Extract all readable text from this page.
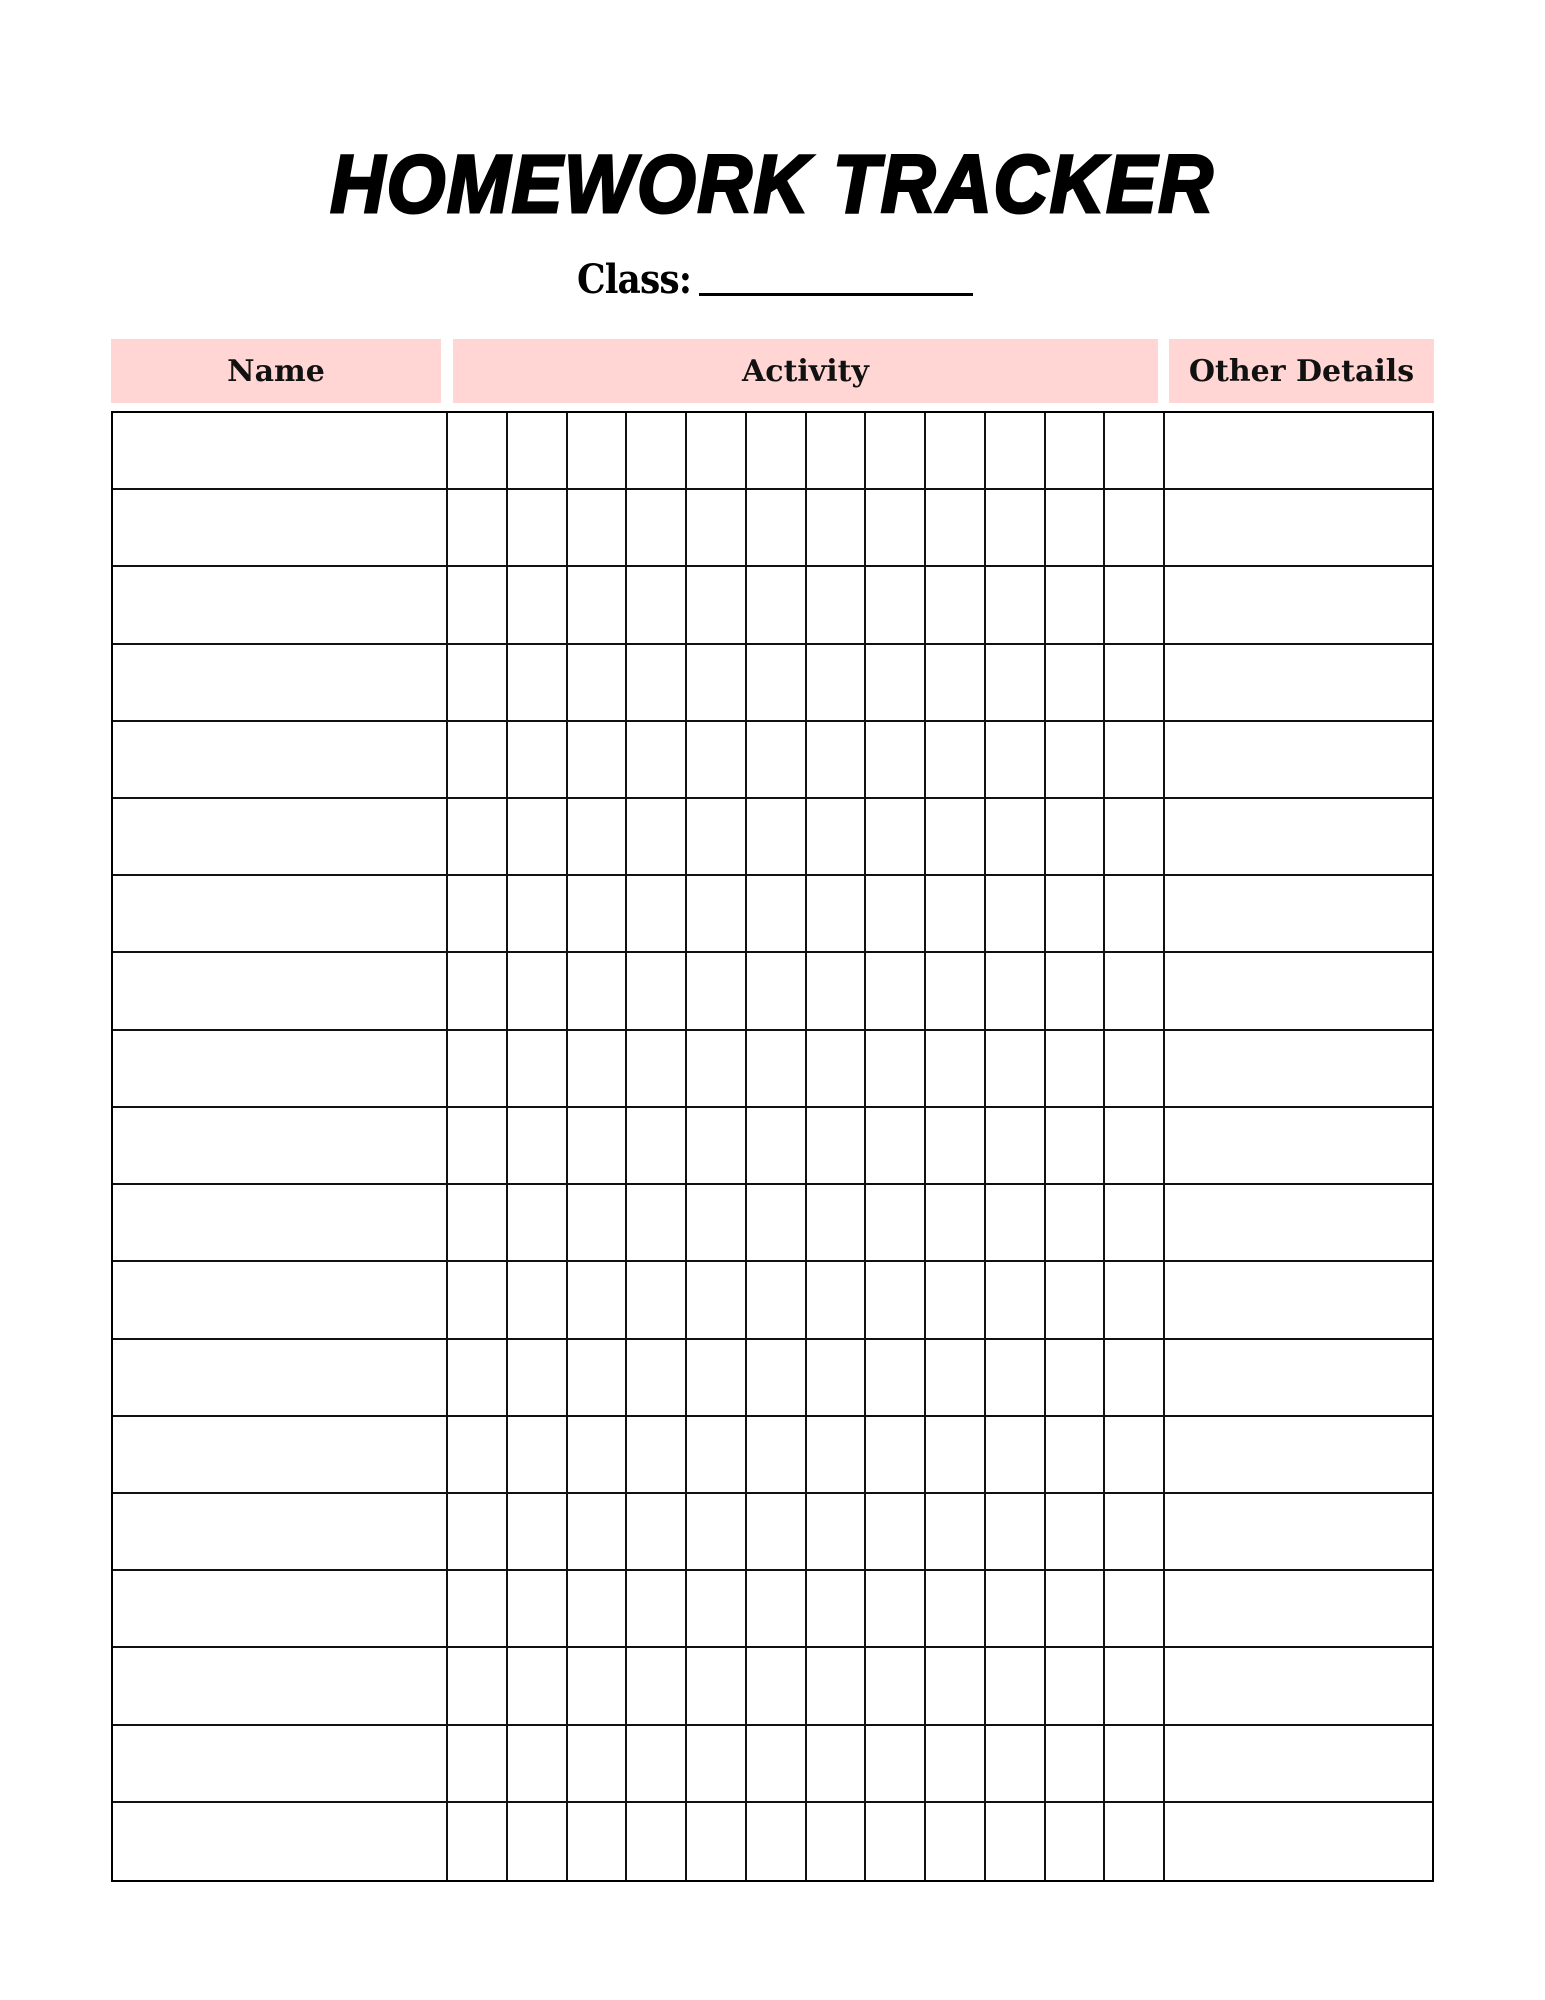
HOMEWORK TRACKER
Class:
Name	Activity	Other Details
